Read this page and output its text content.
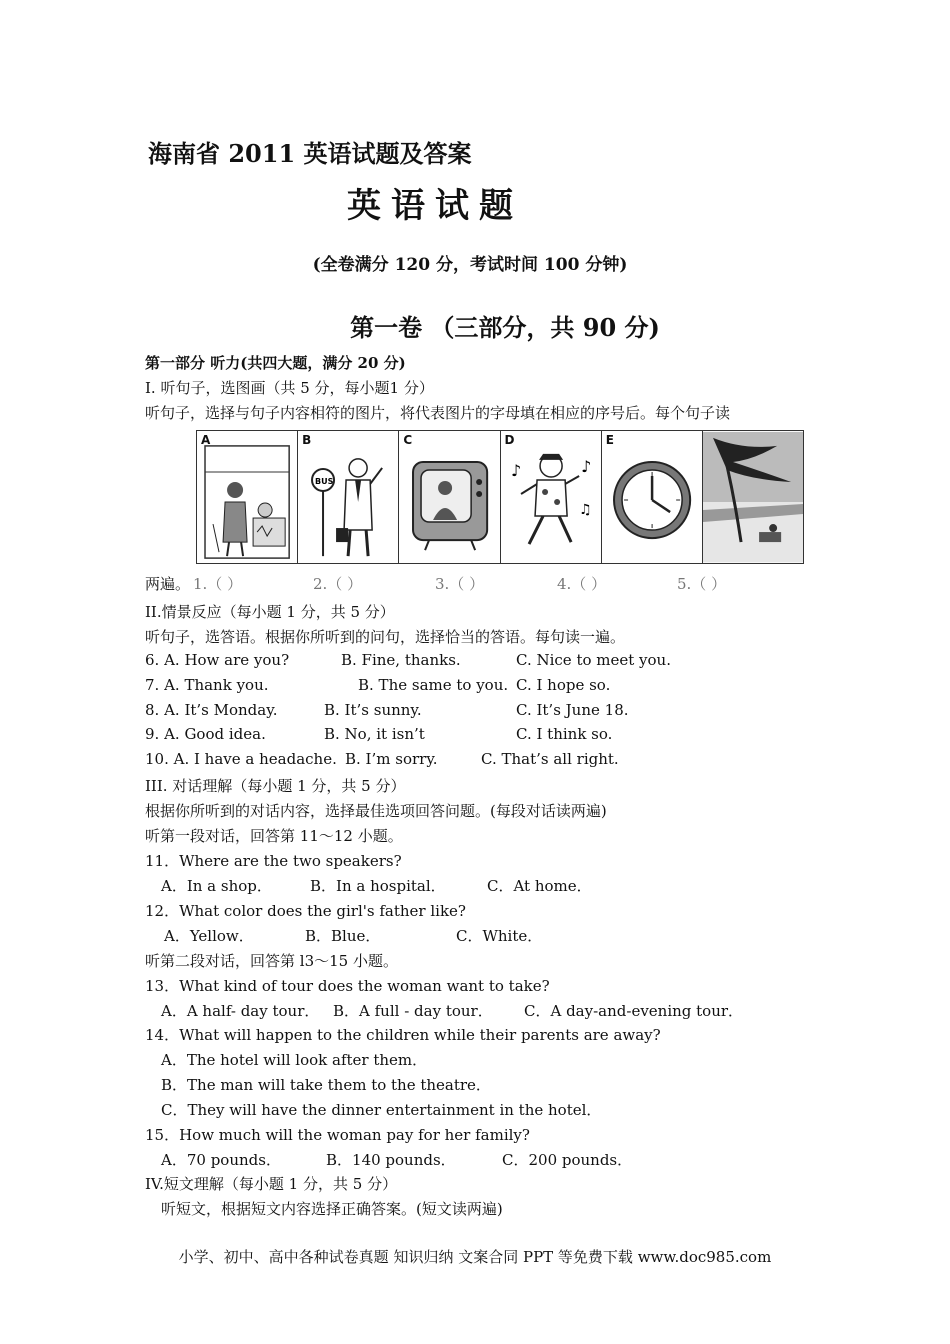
海南省 2011 英语试题及答案
英语试题
(全卷满分 120 分，考试时间 100 分钟)
第一卷 （三部分，共 90 分)
第一部分 听力(共四大题，满分 20 分)
I. 听句子，选图画（共 5 分，每小题1 分）
听句子，选择与句子内容相符的图片，将代表图片的字母填在相应的序号后。每个句子读
A	B
BUS
C	D
♪	♪
♫
E
两遍。 1.（ ）	2.（ ）	3.（ ）	4.（ ）	5.（ ）
II.情景反应（每小题 1 分，共 5 分）
听句子，选答语。根据你所听到的问句，选择恰当的答语。每句读一遍。
6. A. How are you?	B. Fine, thanks.	C. Nice to meet you.
7. A. Thank you.	B. The same to you. C. I hope so.
8. A. It’s Monday.	B. It’s sunny.	C. It’s June 18.
9. A. Good idea.	B. No, it isn’t	C. I think so.
10. A. I have a headache. B. I’m sorry.	C. That’s all right.
III. 对话理解（每小题 1 分，共 5 分）
根据你所听到的对话内容，选择最佳选项回答问题。(每段对话读两遍)
听第一段对话，回答第 11～12 小题。
11．Where are the two speakers?
A．In a shop．	B．In a hospital．	C．At home．
12．What color does the girl's father like?
A．Yellow．	B．Blue．	C．White．
听第二段对话，回答第 l3～15 小题。
13．What kind of tour does the woman want to take?
A．A half- day tour． B．A full - day tour． C．A day-and-evening tour．
14．What will happen to the children while their parents are away?
A．The hotel will look after them．
B．The man will take them to the theatre．
C．They will have the dinner entertainment in the hotel．
15．How much will the woman pay for her family?
A．70 pounds．	B．140 pounds．	C．200 pounds．
IV.短文理解（每小题 1 分，共 5 分）
听短文，根据短文内容选择正确答案。(短文读两遍)
小学、初中、高中各种试卷真题 知识归纳 文案合同 PPT 等免费下载 www.doc985.com
